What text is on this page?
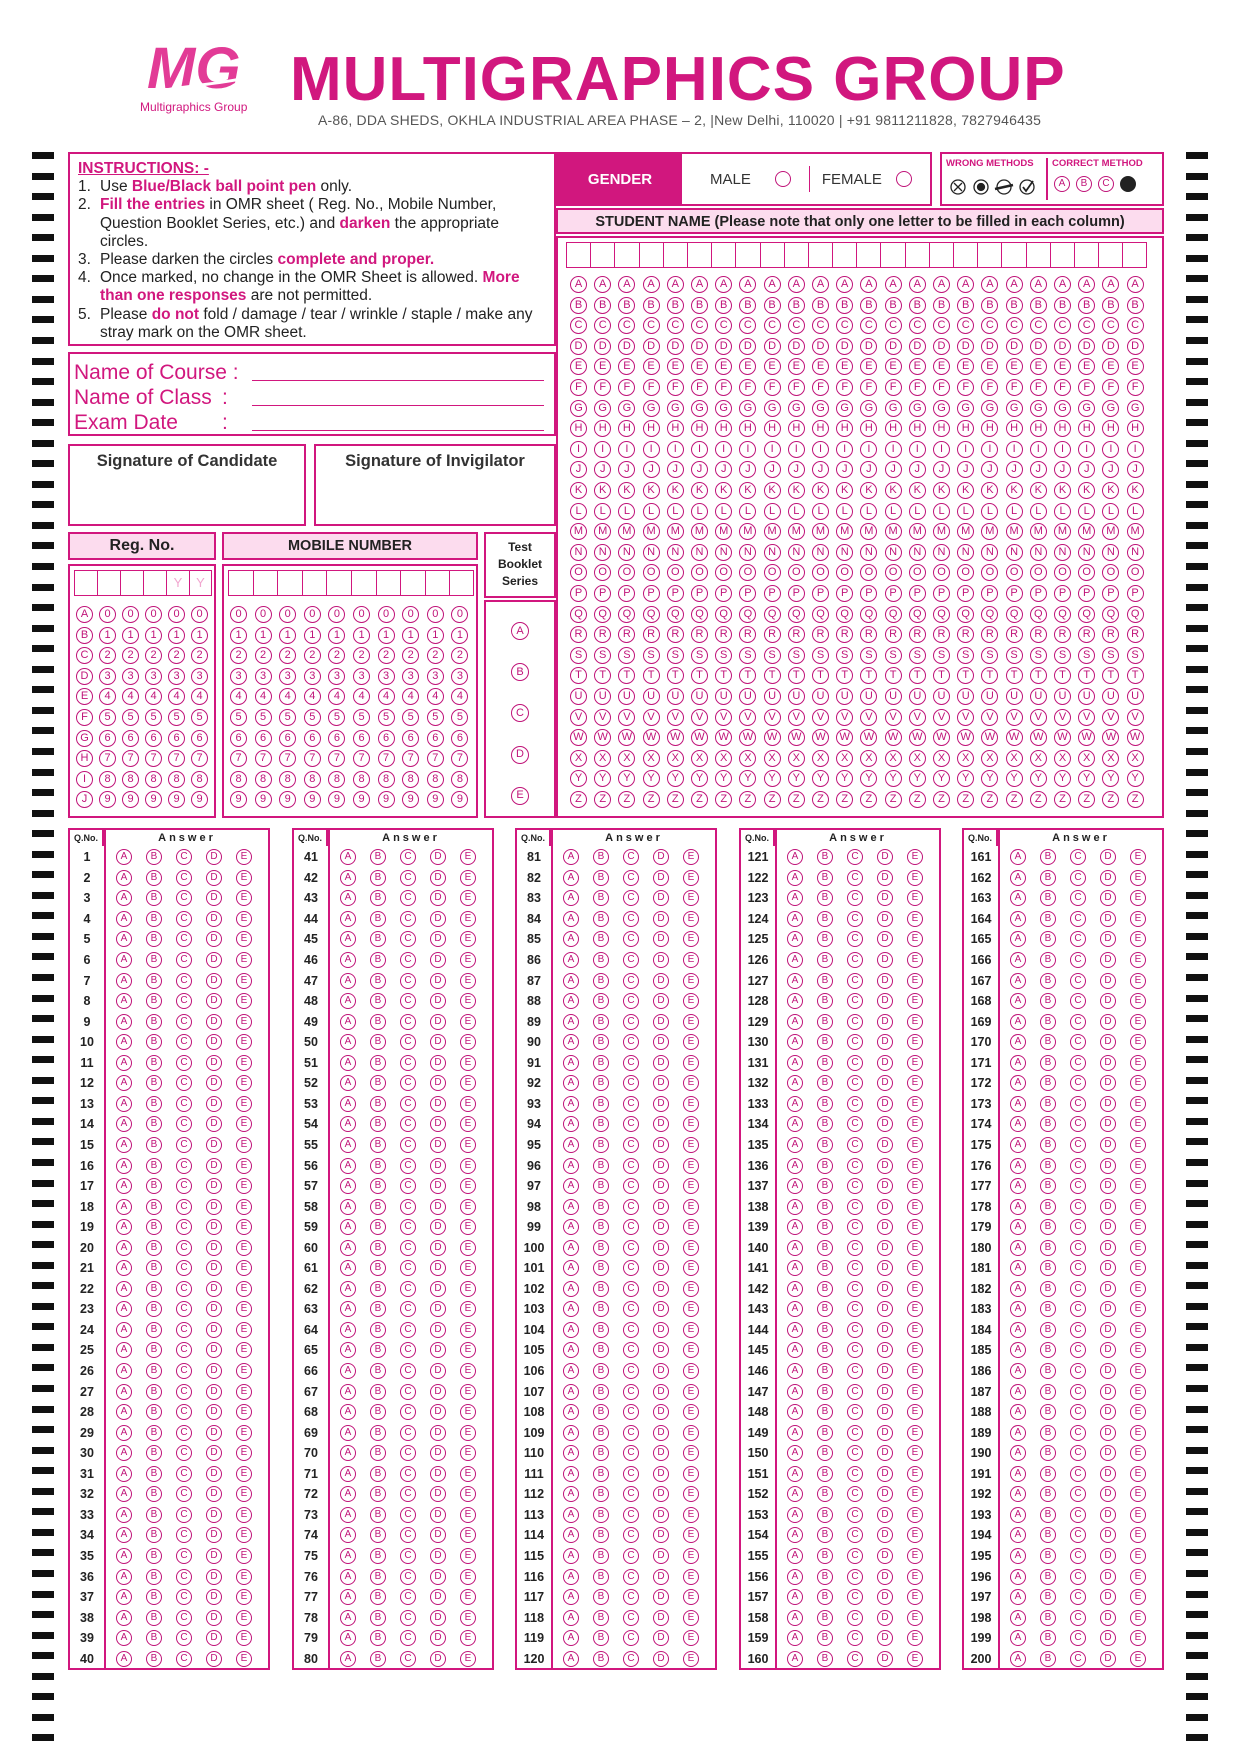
MG
Multigraphics Group MULTIGRAPHICS GROUP
A-86, DDA SHEDS, OKHLA INDUSTRIAL AREA PHASE – 2, |New Delhi, 110020 | +91 9811211828, 7827946435
INSTRUCTIONS: -
1. Use Blue/Black ball point pen only.
2. Fill the entries in OMR sheet ( Reg. No., Mobile Number, Question Booklet Series, etc.) and darken the appropriate circles.
3. Please darken the circles complete and proper.
4. Once marked, no change in the OMR Sheet is allowed. More than one responses are not permitted.
5. Please do not fold / damage / tear / wrinkle / staple / make any stray mark on the OMR sheet.
Name of Course :
Name of Class :
Exam Date	:
Signature of Candidate	Signature of Invigilator
GENDER	MALE	FEMALE
WRONG METHODS CORRECT METHOD
A	B	C
STUDENT NAME (Please note that only one letter to be filled in each column)
A	A	A	A	A	A	A	A	A	A	A	A	A	A	A	A	A	A	A	A	A	A	A	A
B	B	B	B	B	B	B	B	B	B	B	B	B	B	B	B	B	B	B	B	B	B	B	B
C	C	C	C	C	C	C	C	C	C	C	C	C	C	C	C	C	C	C	C	C	C	C	C
D	D	D	D	D	D	D	D	D	D	D	D	D	D	D	D	D	D	D	D	D	D	D	D
E	E	E	E	E	E	E	E	E	E	E	E	E	E	E	E	E	E	E	E	E	E	E	E
F	F	F	F	F	F	F	F	F	F	F	F	F	F	F	F	F	F	F	F	F	F	F	F
G	G	G	G	G	G	G	G	G	G	G	G	G	G	G	G	G	G	G	G	G	G	G	G
H	H	H	H	H	H	H	H	H	H	H	H	H	H	H	H	H	H	H	H	H	H	H	H
I	I	I	I	I	I	I	I	I	I	I	I	I	I	I	I	I	I	I	I	I	I	I	I
J	J	J	J	J	J	J	J	J	J	J	J	J	J	J	J	J	J	J	J	J	J	J	J
K	K	K	K	K	K	K	K	K	K	K	K	K	K	K	K	K	K	K	K	K	K	K	K
L	L	L	L	L	L	L	L	L	L	L	L	L	L	L	L	L	L	L	L	L	L	L	L
M	M	M	M	M	M	M	M	M	M	M	M	M	M	M	M	M	M	M	M	M	M	M	M
N	N	N	N	N	N	N	N	N	N	N	N	N	N	N	N	N	N	N	N	N	N	N	N
O	O	O	O	O	O	O	O	O	O	O	O	O	O	O	O	O	O	O	O	O	O	O	O
P	P	P	P	P	P	P	P	P	P	P	P	P	P	P	P	P	P	P	P	P	P	P	P
Q	Q	Q	Q	Q	Q	Q	Q	Q	Q	Q	Q	Q	Q	Q	Q	Q	Q	Q	Q	Q	Q	Q	Q
R	R	R	R	R	R	R	R	R	R	R	R	R	R	R	R	R	R	R	R	R	R	R	R
S	S	S	S	S	S	S	S	S	S	S	S	S	S	S	S	S	S	S	S	S	S	S	S
T	T	T	T	T	T	T	T	T	T	T	T	T	T	T	T	T	T	T	T	T	T	T	T
U	U	U	U	U	U	U	U	U	U	U	U	U	U	U	U	U	U	U	U	U	U	U	U
V	V	V	V	V	V	V	V	V	V	V	V	V	V	V	V	V	V	V	V	V	V	V	V
W	W	W	W	W	W	W	W	W	W	W	W	W	W	W	W	W	W	W	W	W	W	W	W
X	X	X	X	X	X	X	X	X	X	X	X	X	X	X	X	X	X	X	X	X	X	X	X
Y	Y	Y	Y	Y	Y	Y	Y	Y	Y	Y	Y	Y	Y	Y	Y	Y	Y	Y	Y	Y	Y	Y	Y
Z	Z	Z	Z	Z	Z	Z	Z	Z	Z	Z	Z	Z	Z	Z	Z	Z	Z	Z	Z	Z	Z	Z	Z
Reg. No.
Y	Y
A	0	0	0	0	0
B	1	1	1	1	1
C	2	2	2	2	2
D	3	3	3	3	3
E	4	4	4	4	4
F	5	5	5	5	5
G	6	6	6	6	6
H	7	7	7	7	7
I	8	8	8	8	8
J	9	9	9	9	9
MOBILE NUMBER
0	0	0	0	0	0	0	0	0	0
1	1	1	1	1	1	1	1	1	1
2	2	2	2	2	2	2	2	2	2
3	3	3	3	3	3	3	3	3	3
4	4	4	4	4	4	4	4	4	4
5	5	5	5	5	5	5	5	5	5
6	6	6	6	6	6	6	6	6	6
7	7	7	7	7	7	7	7	7	7
8	8	8	8	8	8	8	8	8	8
9	9	9	9	9	9	9	9	9	9
Test
Booklet
Series
A
B
C
D
E
Q.No.	Answer
1	A	B	C	D	E
2	A	B	C	D	E
3	A	B	C	D	E
4	A	B	C	D	E
5	A	B	C	D	E
6	A	B	C	D	E
7	A	B	C	D	E
8	A	B	C	D	E
9	A	B	C	D	E
10	A	B	C	D	E
11	A	B	C	D	E
12	A	B	C	D	E
13	A	B	C	D	E
14	A	B	C	D	E
15	A	B	C	D	E
16	A	B	C	D	E
17	A	B	C	D	E
18	A	B	C	D	E
19	A	B	C	D	E
20	A	B	C	D	E
21	A	B	C	D	E
22	A	B	C	D	E
23	A	B	C	D	E
24	A	B	C	D	E
25	A	B	C	D	E
26	A	B	C	D	E
27	A	B	C	D	E
28	A	B	C	D	E
29	A	B	C	D	E
30	A	B	C	D	E
31	A	B	C	D	E
32	A	B	C	D	E
33	A	B	C	D	E
34	A	B	C	D	E
35	A	B	C	D	E
36	A	B	C	D	E
37	A	B	C	D	E
38	A	B	C	D	E
39	A	B	C	D	E
40	A	B	C	D	E
Q.No.	Answer
41	A	B	C	D	E
42	A	B	C	D	E
43	A	B	C	D	E
44	A	B	C	D	E
45	A	B	C	D	E
46	A	B	C	D	E
47	A	B	C	D	E
48	A	B	C	D	E
49	A	B	C	D	E
50	A	B	C	D	E
51	A	B	C	D	E
52	A	B	C	D	E
53	A	B	C	D	E
54	A	B	C	D	E
55	A	B	C	D	E
56	A	B	C	D	E
57	A	B	C	D	E
58	A	B	C	D	E
59	A	B	C	D	E
60	A	B	C	D	E
61	A	B	C	D	E
62	A	B	C	D	E
63	A	B	C	D	E
64	A	B	C	D	E
65	A	B	C	D	E
66	A	B	C	D	E
67	A	B	C	D	E
68	A	B	C	D	E
69	A	B	C	D	E
70	A	B	C	D	E
71	A	B	C	D	E
72	A	B	C	D	E
73	A	B	C	D	E
74	A	B	C	D	E
75	A	B	C	D	E
76	A	B	C	D	E
77	A	B	C	D	E
78	A	B	C	D	E
79	A	B	C	D	E
80	A	B	C	D	E
Q.No.	Answer
81	A	B	C	D	E
82	A	B	C	D	E
83	A	B	C	D	E
84	A	B	C	D	E
85	A	B	C	D	E
86	A	B	C	D	E
87	A	B	C	D	E
88	A	B	C	D	E
89	A	B	C	D	E
90	A	B	C	D	E
91	A	B	C	D	E
92	A	B	C	D	E
93	A	B	C	D	E
94	A	B	C	D	E
95	A	B	C	D	E
96	A	B	C	D	E
97	A	B	C	D	E
98	A	B	C	D	E
99	A	B	C	D	E
100	A	B	C	D	E
101	A	B	C	D	E
102	A	B	C	D	E
103	A	B	C	D	E
104	A	B	C	D	E
105	A	B	C	D	E
106	A	B	C	D	E
107	A	B	C	D	E
108	A	B	C	D	E
109	A	B	C	D	E
110	A	B	C	D	E
111	A	B	C	D	E
112	A	B	C	D	E
113	A	B	C	D	E
114	A	B	C	D	E
115	A	B	C	D	E
116	A	B	C	D	E
117	A	B	C	D	E
118	A	B	C	D	E
119	A	B	C	D	E
120	A	B	C	D	E
Q.No.	Answer
121	A	B	C	D	E
122	A	B	C	D	E
123	A	B	C	D	E
124	A	B	C	D	E
125	A	B	C	D	E
126	A	B	C	D	E
127	A	B	C	D	E
128	A	B	C	D	E
129	A	B	C	D	E
130	A	B	C	D	E
131	A	B	C	D	E
132	A	B	C	D	E
133	A	B	C	D	E
134	A	B	C	D	E
135	A	B	C	D	E
136	A	B	C	D	E
137	A	B	C	D	E
138	A	B	C	D	E
139	A	B	C	D	E
140	A	B	C	D	E
141	A	B	C	D	E
142	A	B	C	D	E
143	A	B	C	D	E
144	A	B	C	D	E
145	A	B	C	D	E
146	A	B	C	D	E
147	A	B	C	D	E
148	A	B	C	D	E
149	A	B	C	D	E
150	A	B	C	D	E
151	A	B	C	D	E
152	A	B	C	D	E
153	A	B	C	D	E
154	A	B	C	D	E
155	A	B	C	D	E
156	A	B	C	D	E
157	A	B	C	D	E
158	A	B	C	D	E
159	A	B	C	D	E
160	A	B	C	D	E
Q.No.	Answer
161	A	B	C	D	E
162	A	B	C	D	E
163	A	B	C	D	E
164	A	B	C	D	E
165	A	B	C	D	E
166	A	B	C	D	E
167	A	B	C	D	E
168	A	B	C	D	E
169	A	B	C	D	E
170	A	B	C	D	E
171	A	B	C	D	E
172	A	B	C	D	E
173	A	B	C	D	E
174	A	B	C	D	E
175	A	B	C	D	E
176	A	B	C	D	E
177	A	B	C	D	E
178	A	B	C	D	E
179	A	B	C	D	E
180	A	B	C	D	E
181	A	B	C	D	E
182	A	B	C	D	E
183	A	B	C	D	E
184	A	B	C	D	E
185	A	B	C	D	E
186	A	B	C	D	E
187	A	B	C	D	E
188	A	B	C	D	E
189	A	B	C	D	E
190	A	B	C	D	E
191	A	B	C	D	E
192	A	B	C	D	E
193	A	B	C	D	E
194	A	B	C	D	E
195	A	B	C	D	E
196	A	B	C	D	E
197	A	B	C	D	E
198	A	B	C	D	E
199	A	B	C	D	E
200	A	B	C	D	E
